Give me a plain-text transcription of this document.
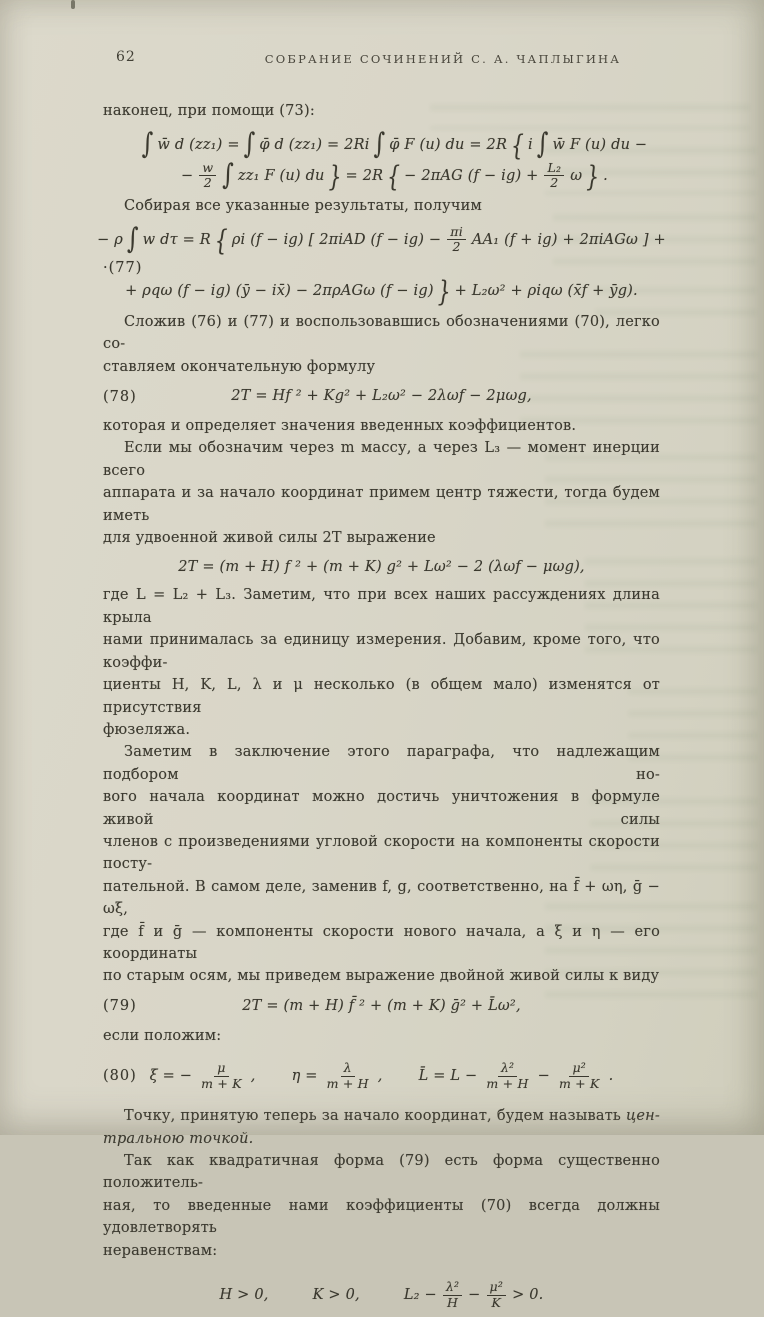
62	СОБРАНИЕ СОЧИНЕНИЙ С. А. ЧАПЛЫГИНА
наконец, при помощи (73):
∫ w̄ d (zz₁) = ∫ φ̄ d (zz₁) = 2Ri ∫ φ̄ F (u) du = 2R { i ∫ w̄ F (u) du −
− $\frac{w}{2}$ ∫ zz₁ F (u) du } = 2R { − 2πAG $(f - ig) + \frac{\text{L₂}}{2}$ ω } .
Собирая все указанные результаты, получим
− ρ ∫ w dτ = R { ρi (f − ig) [ 2πiAD $(f - ig) - \frac{\pi i}{2} AA_1$ (f + ig) + 2πiAGω ] +
·(77)
+ ρqω (f − ig) (ȳ − ix̄) − 2πρAGω (f − ig) } + L₂ω² + ρiqω (x̄f + ȳg).
Сложив (76) и (77) и воспользовавшись обозначениями (70), легко со-
ставляем окончательную формулу
(78)	2T = Hf ² + Kg² + L₂ω² − 2λωf − 2μωg,
которая и определяет значения введенных коэффициентов.
Если мы обозначим через m массу, а через L₃ — момент инерции всего
аппарата и за начало координат примем центр тяжести, тогда будем иметь
для удвоенной живой силы 2T выражение
2T = (m + H) f ² + (m + K) g² + Lω² − 2 (λωf − μωg),
где L = L₂ + L₃. Заметим, что при всех наших рассуждениях длина крыла
нами принималась за единицу измерения. Добавим, кроме того, что коэффи-
циенты H, K, L, λ и μ несколько (в общем мало) изменятся от присутствия
фюзеляжа.
Заметим в заключение этого параграфа, что надлежащим подбором но-
вого начала координат можно достичь уничтожения в формуле живой силы
членов с произведениями угловой скорости на компоненты скорости посту-
пательной. В самом деле, заменив f, g, соответственно, на f̄ + ωη, ḡ − ωξ,
где f̄ и ḡ — компоненты скорости нового начала, а ξ и η — его координаты
по старым осям, мы приведем выражение двойной живой силы к виду
(79)	2T = (m + H) f̄ ² + (m + K) ḡ² + L̄ω²,
если положим:
(80) ξ = − $\frac{\mu}{m + K}$ , $\eta = \frac{\lambda}{m + H}$ , L̄ = $L - \frac{\text{λ²}}{m + H} - \frac{\text{μ²}}{m + K}$ .
Точку, принятую теперь за начало координат, будем называть цен-
тральною точкой.
Так как квадратичная форма (79) есть форма существенно положитель-
ная, то введенные нами коэффициенты (70) всегда должны удовлетворять
неравенствам:
H > 0,	K > 0,	$L_2 - \frac{\text{λ²}}{H} - \frac{\text{μ²}}{K} > 0$.
